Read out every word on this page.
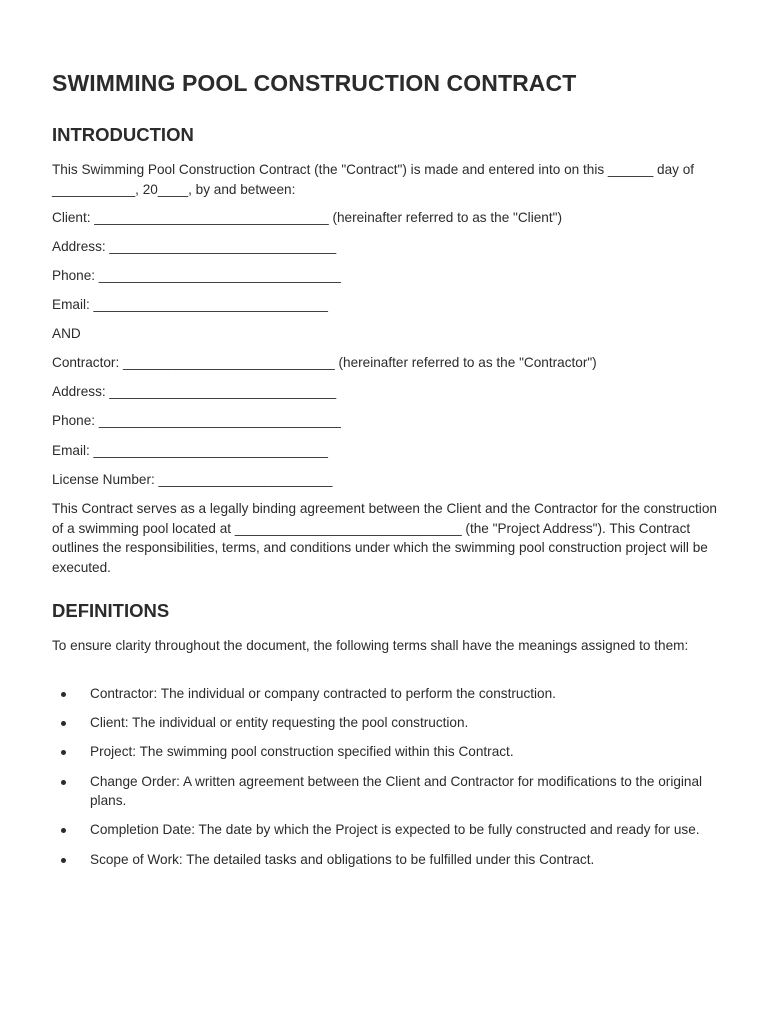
SWIMMING POOL CONSTRUCTION CONTRACT
INTRODUCTION

This Swimming Pool Construction Contract (the "Contract") is made and entered into on this ______ day of ___________, 20____, by and between:

Client: _______________________________ (hereinafter referred to as the "Client")

Address: ______________________________

Phone: ________________________________

Email: _______________________________

AND

Contractor: ____________________________ (hereinafter referred to as the "Contractor")

Address: ______________________________

Phone: ________________________________

Email: _______________________________

License Number: _______________________

This Contract serves as a legally binding agreement between the Client and the Contractor for the construction of a swimming pool located at ______________________________ (the "Project Address"). This Contract outlines the responsibilities, terms, and conditions under which the swimming pool construction project will be executed.

DEFINITIONS

To ensure clarity throughout the document, the following terms shall have the meanings assigned to them:

Contractor: The individual or company contracted to perform the construction.
Client: The individual or entity requesting the pool construction.
Project: The swimming pool construction specified within this Contract.
Change Order: A written agreement between the Client and Contractor for modifications to the original plans.
Completion Date: The date by which the Project is expected to be fully constructed and ready for use.
Scope of Work: The detailed tasks and obligations to be fulfilled under this Contract.
